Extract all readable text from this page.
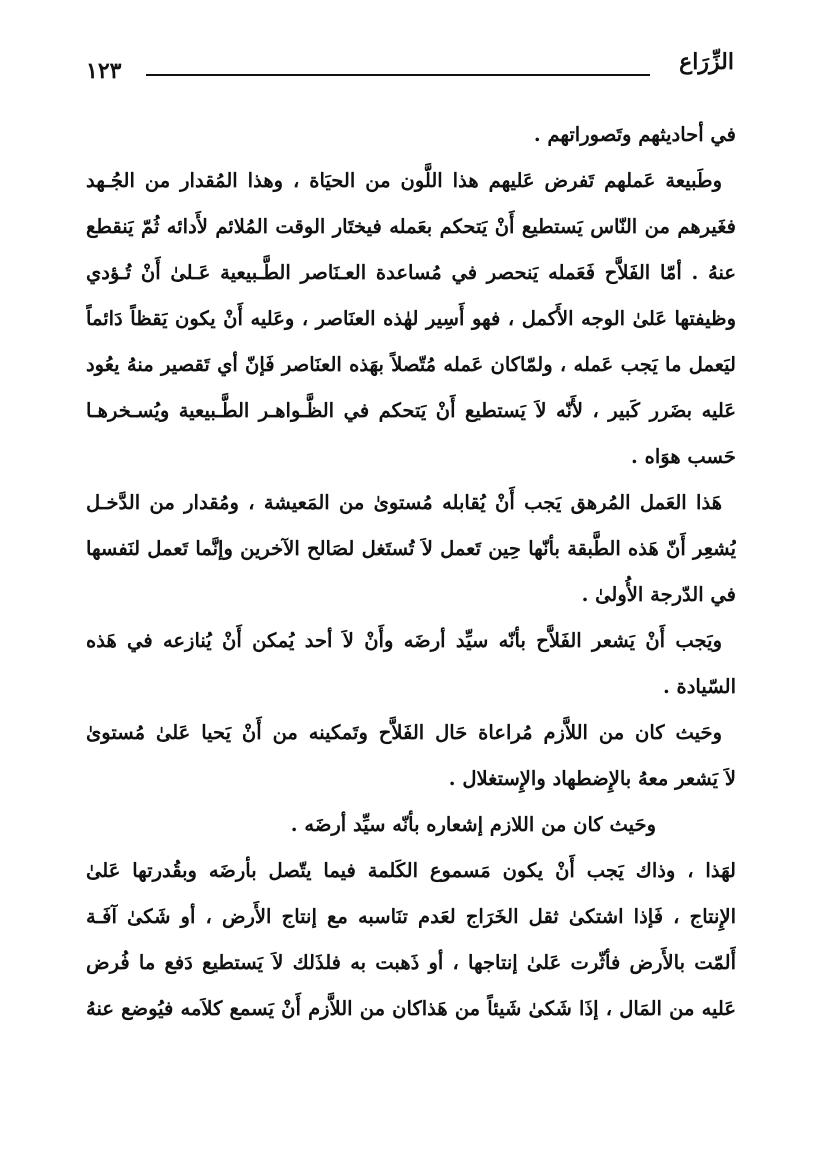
الزِّرَاع
١٢٣
في أحاديثهم وتَصوراتهم .
وطَبيعة عَملهم تَفرض عَليهم هذا اللَّون من الحيَاة ، وهذا المُقدار من الجُـهد
فغَيرهم من النّاس يَستطيع أَنْ يَتحكم بعَمله فيختَار الوقت المُلائم لأَدائه ثُمّ يَنقطع
عنهُ . أمّا الفَلاَّح فَعَمله يَنحصر في مُساعدة العـنَاصر الطَّـبيعية عَـلىٰ أَنْ تُـؤدي
وظيفتها عَلىٰ الوجه الأَكمل ، فهو أَسِير لهٰذه العنَاصر ، وعَليه أَنْ يكون يَقظاً دَائماً
ليَعمل ما يَجب عَمله ، ولمّاكان عَمله مُتّصلاً بهَذه العنَاصر فَإنّ أي تَقصير منهُ يعُود
عَليه بضَرر كَبير ، لأَنّه لاَ يَستطيع أَنْ يَتحكم في الظَّـواهـر الطَّـبيعية ويُسـخرهـا
حَسب هوَاه .
هَذا العَمل المُرهق يَجب أَنْ يُقابله مُستوىٰ من المَعيشة ، ومُقدار من الدَّخـل
يُشعِر أَنّ هَذه الطَّبقة بأنّها حِين تَعمل لاَ تُستَغل لصَالح الآخرين وإنَّما تَعمل لنَفسها
في الدّرجة الأُولىٰ .
ويَجب أَنْ يَشعر الفَلاَّح بأنّه سيِّد أرضَه وأَنْ لاَ أحد يُمكن أَنْ يُنازعه في هَذه
السّيادة .
وحَيث كان من اللاَّزم مُراعاة حَال الفَلاَّح وتَمكينه من أَنْ يَحيا عَلىٰ مُستوىٰ
لاَ يَشعر معهُ بالإِضطهاد والإِستغلال .
وحَيث كان من اللازم إشعاره بأنّه سيِّد أرضَه .
لهَذا ، وذاك يَجب أَنْ يكون مَسموع الكَلمة فيما يتّصل بأرضَه وبقُدرتها عَلىٰ
الإِنتاج ، فَإذا اشتكىٰ ثقل الخَرَاج لعَدم تنَاسبه مع إنتاج الأَرض ، أو شَكىٰ آفَـة
أَلمّت بالأَرض فأثّرت عَلىٰ إنتاجها ، أو ذَهبت به فلذَلك لاَ يَستطيع دَفع ما فُرض
عَليه من المَال ، إذَا شَكىٰ شَيئاً من هَذاكان من اللاَّزم أَنْ يَسمع كلاَمه فيُوضع عنهُ
